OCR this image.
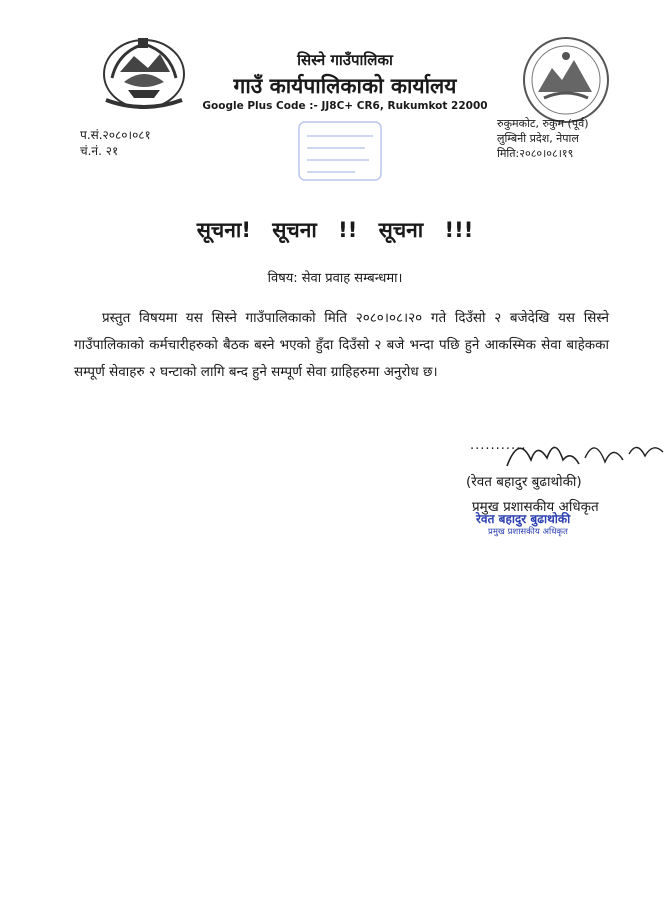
सिस्ने गाउँपालिका
गाउँ कार्यपालिकाको कार्यालय
Google Plus Code :- JJ8C+ CR6, Rukumkot 22000
प.सं.२०८०।०८१
चं.नं. २१
रुकुमकोट, रुकुम (पूर्व)
लुम्बिनी प्रदेश, नेपाल
मिति:२०८०।०८।१९
सूचना! सूचना !! सूचना !!!
विषय: सेवा प्रवाह सम्बन्धमा।
प्रस्तुत विषयमा यस सिस्ने गाउँपालिकाको मिति २०८०।०८।२० गते दिउँसो २ बजेदेखि यस सिस्ने गाउँपालिकाको कर्मचारीहरुको बैठक बस्ने भएको हुँदा दिउँसो २ बजे भन्दा पछि हुने आकस्मिक सेवा बाहेकका सम्पूर्ण सेवाहरु २ घन्टाको लागि बन्द हुने सम्पूर्ण सेवा ग्राहिहरुमा अनुरोध छ।
...........
(रेवत बहादुर बुढाथोकी)
प्रमुख प्रशासकीय अधिकृत
रेवत बहादुर बुढाथोकी
प्रमुख प्रशासकीय अधिकृत
